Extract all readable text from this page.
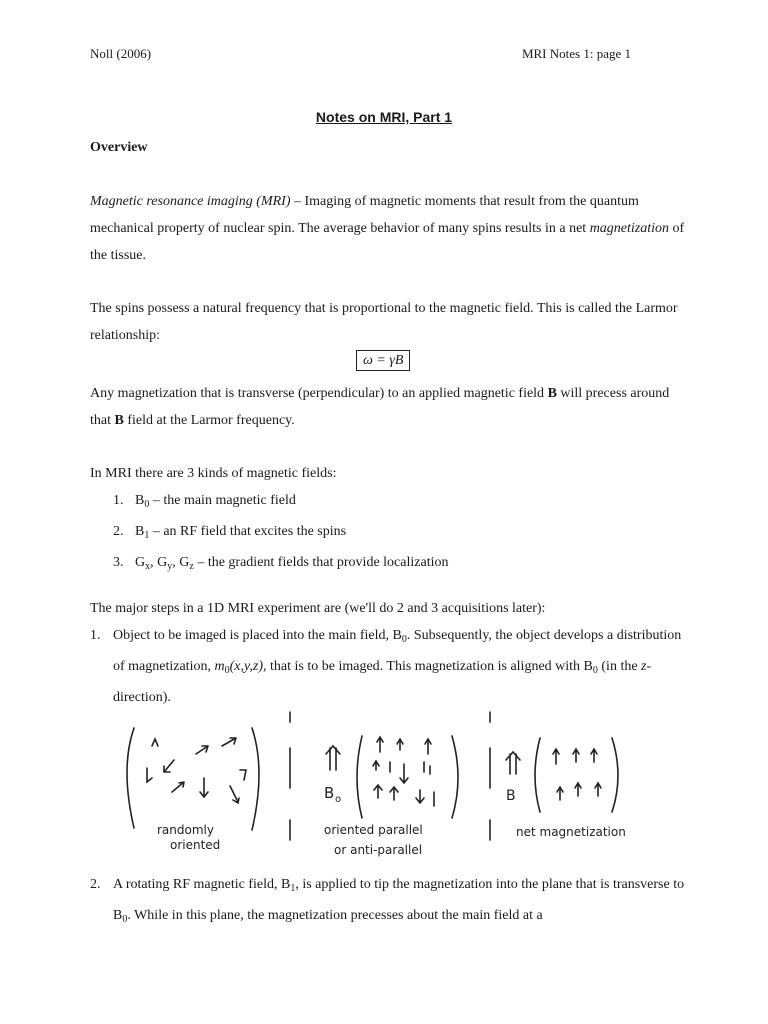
Noll (2006)	MRI Notes 1: page 1
Notes on MRI, Part 1
Overview
Magnetic resonance imaging (MRI) – Imaging of magnetic moments that result from the quantum mechanical property of nuclear spin. The average behavior of many spins results in a net magnetization of the tissue.
The spins possess a natural frequency that is proportional to the magnetic field. This is called the Larmor relationship:
ω = γB
Any magnetization that is transverse (perpendicular) to an applied magnetic field B will precess around that B field at the Larmor frequency.
In MRI there are 3 kinds of magnetic fields:
1. $B_0$ – the main magnetic field
2. $B_1$ – an RF field that excites the spins
3. $G_x$, $G_y$, $G_z$ – the gradient fields that provide localization
The major steps in a 1D MRI experiment are (we'll do 2 and 3 acquisitions later):
1. Object to be imaged is placed into the main field, $B_0$. Subsequently, the object develops a distribution of magnetization, $m_0(x,y,z)$, that is to be imaged. This magnetization is aligned with $B_0$ (in the z-direction).
randomly
oriented
B o
oriented parallel
or anti-parallel
B
net magnetization
2. A rotating RF magnetic field, $B_1$, is applied to tip the magnetization into the plane that is transverse to $B_0$. While in this plane, the magnetization precesses about the main field at a
